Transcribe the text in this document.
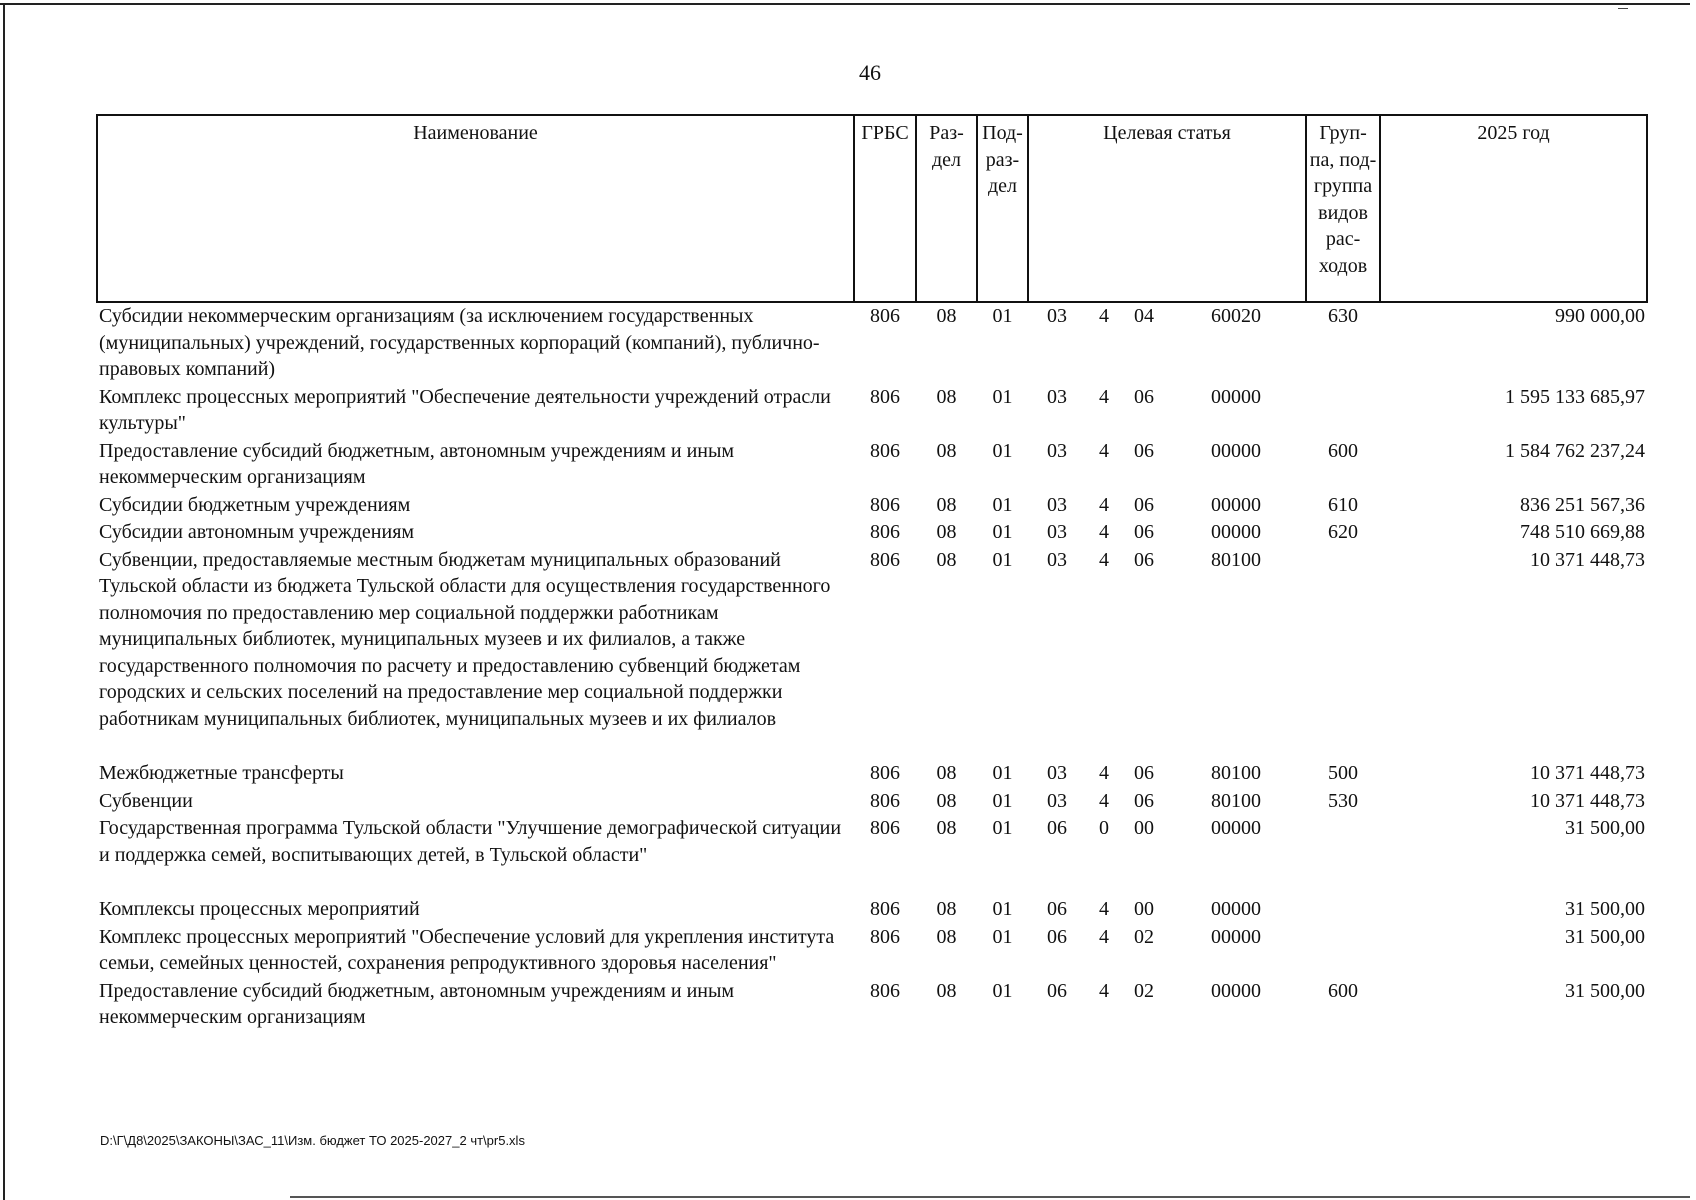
46
Наименование	ГРБС	Раз-дел	Под-раз-дел	Целевая статья				Груп-па, под-группа видов рас-ходов	2025 год
Субсидии некоммерческим организациям (за исключением государственных (муниципальных) учреждений, государственных корпораций (компаний), публично-правовых компаний)	806	08	01	03	4	04	60020	630	990 000,00
Комплекс процессных мероприятий "Обеспечение деятельности учреждений отрасли культуры"	806	08	01	03	4	06	00000		1 595 133 685,97
Предоставление субсидий бюджетным, автономным учреждениям и иным некоммерческим организациям	806	08	01	03	4	06	00000	600	1 584 762 237,24
Субсидии бюджетным учреждениям	806	08	01	03	4	06	00000	610	836 251 567,36
Субсидии автономным учреждениям	806	08	01	03	4	06	00000	620	748 510 669,88
Субвенции, предоставляемые местным бюджетам муниципальных образований Тульской области из бюджета Тульской области для осуществления государственного полномочия по предоставлению мер социальной поддержки работникам муниципальных библиотек, муниципальных музеев и их филиалов, а также государственного полномочия по расчету и предоставлению субвенций бюджетам городских и сельских поселений на предоставление мер социальной поддержки работникам муниципальных библиотек, муниципальных музеев и их филиалов	806	08	01	03	4	06	80100		10 371 448,73
Межбюджетные трансферты	806	08	01	03	4	06	80100	500	10 371 448,73
Субвенции	806	08	01	03	4	06	80100	530	10 371 448,73
Государственная программа Тульской области "Улучшение демографической ситуации и поддержка семей, воспитывающих детей, в Тульской области"	806	08	01	06	0	00	00000		31 500,00
Комплексы процессных мероприятий	806	08	01	06	4	00	00000		31 500,00
Комплекс процессных мероприятий "Обеспечение условий для укрепления института семьи, семейных ценностей, сохранения репродуктивного здоровья населения"	806	08	01	06	4	02	00000		31 500,00
Предоставление субсидий бюджетным, автономным учреждениям и иным некоммерческим организациям	806	08	01	06	4	02	00000	600	31 500,00
D:\Г\Д8\2025\ЗАКОНЫ\ЗАС_11\Изм. бюджет ТО 2025-2027_2 чт\pr5.xls
